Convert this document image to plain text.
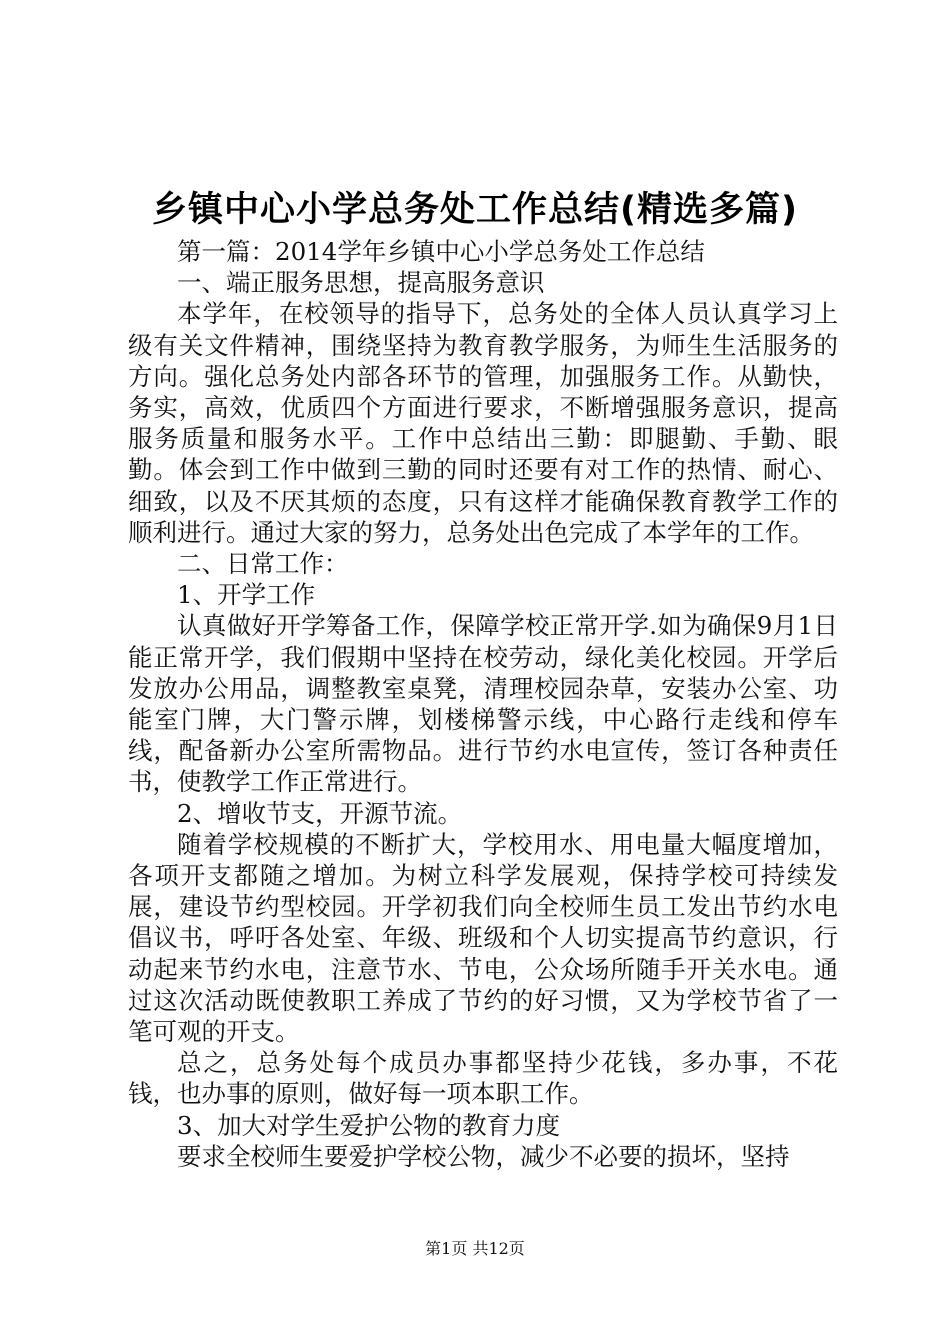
乡镇中心小学总务处工作总结(精选多篇)

第一篇：2014学年乡镇中心小学总务处工作总结

一、端正服务思想，提高服务意识

本学年，在校领导的指导下，总务处的全体人员认真学习上级有关文件精神，围绕坚持为教育教学服务，为师生生活服务的方向。强化总务处内部各环节的管理，加强服务工作。从勤快，务实，高效，优质四个方面进行要求，不断增强服务意识，提高服务质量和服务水平。工作中总结出三勤：即腿勤、手勤、眼勤。体会到工作中做到三勤的同时还要有对工作的热情、耐心、细致，以及不厌其烦的态度，只有这样才能确保教育教学工作的顺利进行。通过大家的努力，总务处出色完成了本学年的工作。

二、日常工作：

1、开学工作

认真做好开学筹备工作，保障学校正常开学.如为确保9月1日能正常开学，我们假期中坚持在校劳动，绿化美化校园。开学后发放办公用品，调整教室桌凳，清理校园杂草，安装办公室、功能室门牌，大门警示牌，划楼梯警示线，中心路行走线和停车线，配备新办公室所需物品。进行节约水电宣传，签订各种责任书，使教学工作正常进行。

2、增收节支，开源节流。

随着学校规模的不断扩大，学校用水、用电量大幅度增加，各项开支都随之增加。为树立科学发展观，保持学校可持续发展，建设节约型校园。开学初我们向全校师生员工发出节约水电倡议书，呼吁各处室、年级、班级和个人切实提高节约意识，行动起来节约水电，注意节水、节电，公众场所随手开关水电。通过这次活动既使教职工养成了节约的好习惯，又为学校节省了一笔可观的开支。

总之，总务处每个成员办事都坚持少花钱，多办事，不花钱，也办事的原则，做好每一项本职工作。

3、加大对学生爱护公物的教育力度

要求全校师生要爱护学校公物，减少不必要的损坏，坚持

第1页 共12页
